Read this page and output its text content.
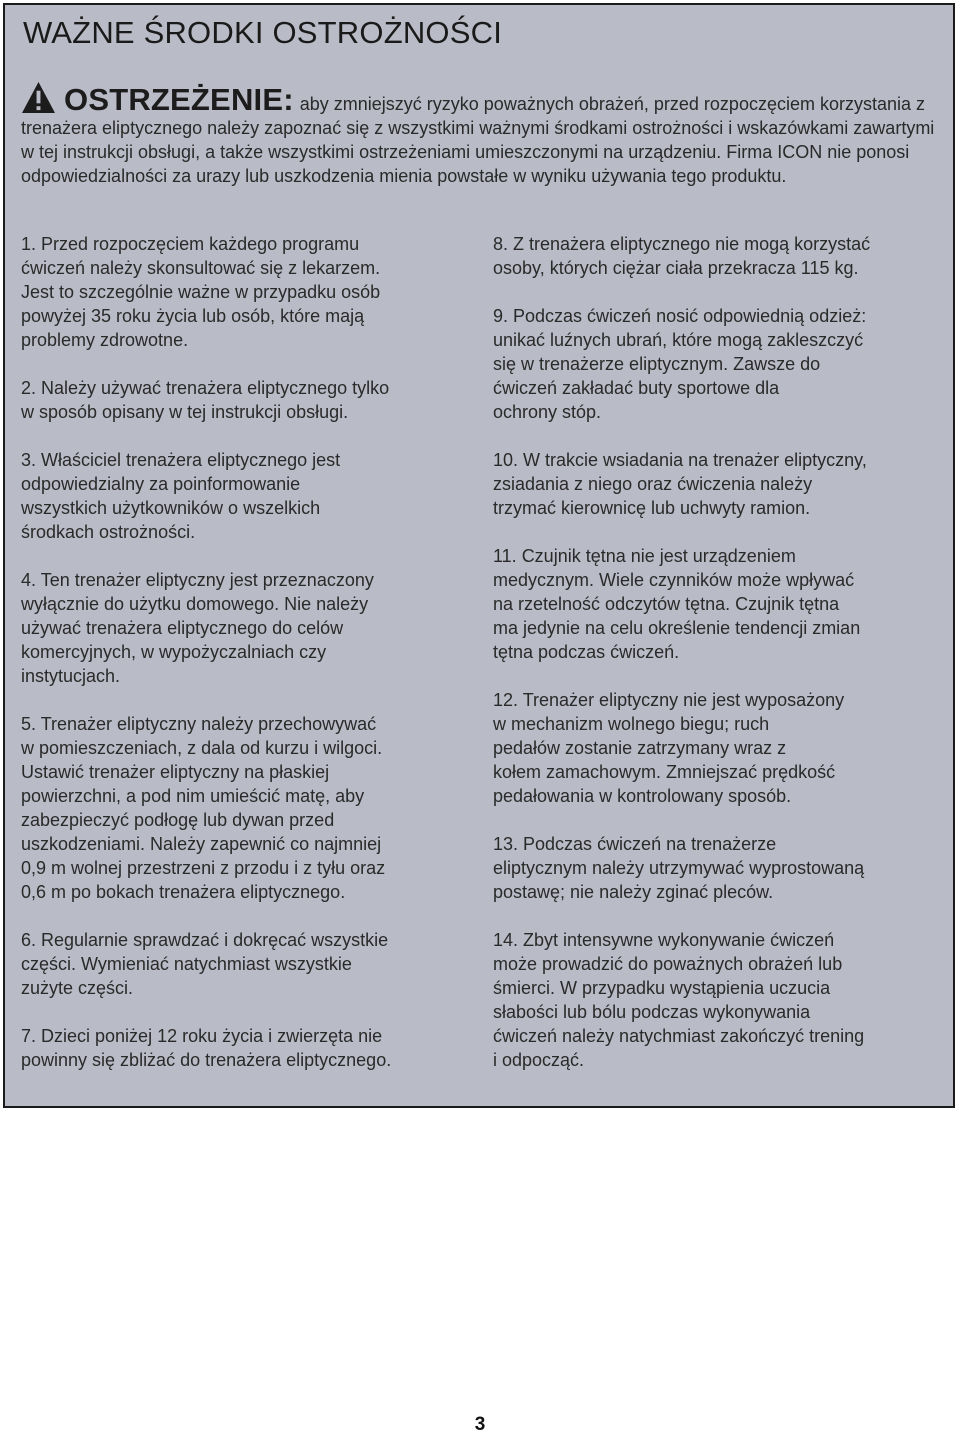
WAŻNE ŚRODKI OSTROŻNOŚCI
OSTRZEŻENIE: aby zmniejszyć ryzyko poważnych obrażeń, przed rozpoczęciem korzystania z trenażera eliptycznego należy zapoznać się z wszystkimi ważnymi środkami ostrożności i wskazówkami zawartymi w tej instrukcji obsługi, a także wszystkimi ostrzeżeniami umieszczonymi na urządzeniu. Firma ICON nie ponosi odpowiedzialności za urazy lub uszkodzenia mienia powstałe w wyniku używania tego produktu.

1. Przed rozpoczęciem każdego programu
ćwiczeń należy skonsultować się z lekarzem.
Jest to szczególnie ważne w przypadku osób
powyżej 35 roku życia lub osób, które mają
problemy zdrowotne.

2. Należy używać trenażera eliptycznego tylko
w sposób opisany w tej instrukcji obsługi.

3. Właściciel trenażera eliptycznego jest
odpowiedzialny za poinformowanie
wszystkich użytkowników o wszelkich
środkach ostrożności.

4. Ten trenażer eliptyczny jest przeznaczony
wyłącznie do użytku domowego. Nie należy
używać trenażera eliptycznego do celów
komercyjnych, w wypożyczalniach czy
instytucjach.

5. Trenażer eliptyczny należy przechowywać
w pomieszczeniach, z dala od kurzu i wilgoci.
Ustawić trenażer eliptyczny na płaskiej
powierzchni, a pod nim umieścić matę, aby
zabezpieczyć podłogę lub dywan przed
uszkodzeniami. Należy zapewnić co najmniej
0,9 m wolnej przestrzeni z przodu i z tyłu oraz
0,6 m po bokach trenażera eliptycznego.

6. Regularnie sprawdzać i dokręcać wszystkie
części. Wymieniać natychmiast wszystkie
zużyte części.

7. Dzieci poniżej 12 roku życia i zwierzęta nie
powinny się zbliżać do trenażera eliptycznego.

8. Z trenażera eliptycznego nie mogą korzystać
osoby, których ciężar ciała przekracza 115 kg.

9. Podczas ćwiczeń nosić odpowiednią odzież:
unikać luźnych ubrań, które mogą zakleszczyć
się w trenażerze eliptycznym. Zawsze do
ćwiczeń zakładać buty sportowe dla
ochrony stóp.

10. W trakcie wsiadania na trenażer eliptyczny,
zsiadania z niego oraz ćwiczenia należy
trzymać kierownicę lub uchwyty ramion.

11. Czujnik tętna nie jest urządzeniem
medycznym. Wiele czynników może wpływać
na rzetelność odczytów tętna. Czujnik tętna
ma jedynie na celu określenie tendencji zmian
tętna podczas ćwiczeń.

12. Trenażer eliptyczny nie jest wyposażony
w mechanizm wolnego biegu; ruch
pedałów zostanie zatrzymany wraz z
kołem zamachowym. Zmniejszać prędkość
pedałowania w kontrolowany sposób.

13. Podczas ćwiczeń na trenażerze
eliptycznym należy utrzymywać wyprostowaną
postawę; nie należy zginać pleców.

14. Zbyt intensywne wykonywanie ćwiczeń
może prowadzić do poważnych obrażeń lub
śmierci. W przypadku wystąpienia uczucia
słabości lub bólu podczas wykonywania
ćwiczeń należy natychmiast zakończyć trening
i odpocząć.

3
